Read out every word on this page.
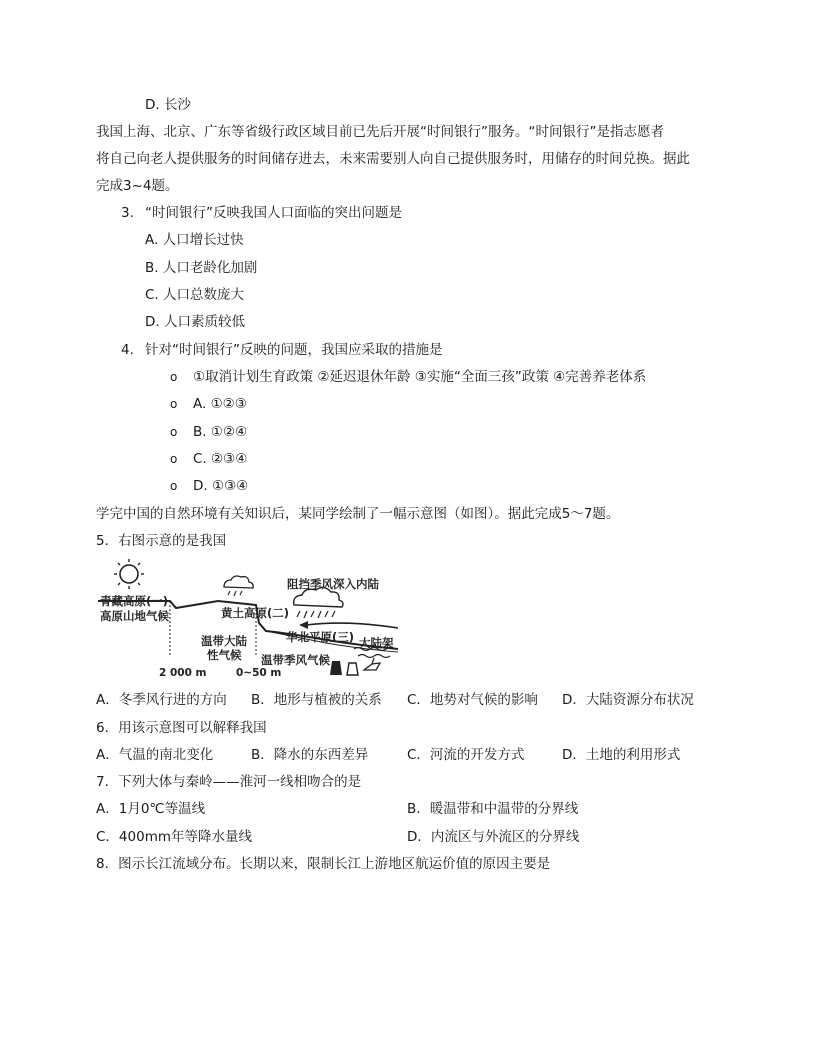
D. 长沙
我国上海、北京、广东等省级行政区域目前已先后开展“时间银行”服务。“时间银行”是指志愿者
将自己向老人提供服务的时间储存进去，未来需要别人向自己提供服务时，用储存的时间兑换。据此
完成3~4题。
3. “时间银行”反映我国人口面临的突出问题是
A. 人口增长过快
B. 人口老龄化加剧
C. 人口总数庞大
D. 人口素质较低
4. 针对“时间银行”反映的问题，我国应采取的措施是
o ①取消计划生育政策 ②延迟退休年龄 ③实施“全面三孩”政策 ④完善养老体系
o A. ①②③
o B. ①②④
o C. ②③④
o D. ①③④
学完中国的自然环境有关知识后，某同学绘制了一幅示意图（如图）。据此完成5～7题。
5．右图示意的是我国
青藏高原(一)
高原山地气候	黄土高原(二)
阻挡季风深入内陆
温带大陆
性气候
华北平原(三) 大陆架
温带季风气候
2 000 m	0~50 m
A．冬季风行进的方向 B．地形与植被的关系 C．地势对气候的影响 D．大陆资源分布状况
6．用该示意图可以解释我国
A．气温的南北变化	B．降水的东西差异	C．河流的开发方式	D．土地的利用形式
7．下列大体与秦岭——淮河一线相吻合的是
A．1月0℃等温线	B．暖温带和中温带的分界线
C．400mm年等降水量线	D．内流区与外流区的分界线
8．图示长江流域分布。长期以来，限制长江上游地区航运价值的原因主要是
